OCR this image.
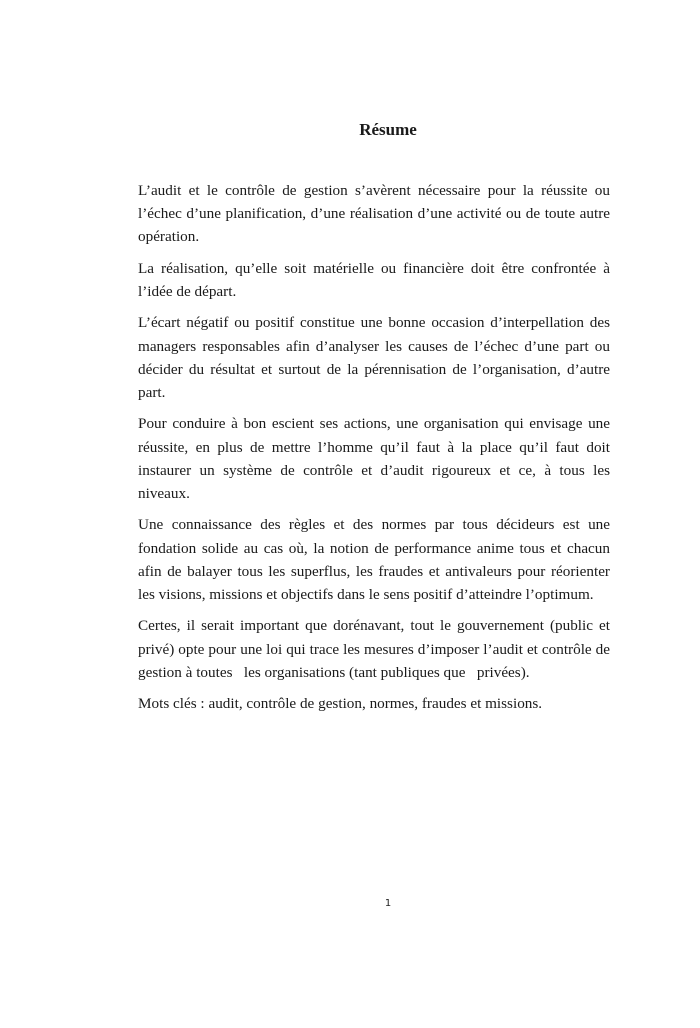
Résume

L’audit et le contrôle de gestion s’avèrent nécessaire pour la réussite ou l’échec d’une planification, d’une réalisation d’une activité ou de toute autre opération.

La réalisation, qu’elle soit matérielle ou financière doit être confrontée à l’idée de départ.

L’écart négatif ou positif constitue une bonne occasion d’interpellation des managers responsables afin d’analyser les causes de l’échec d’une part ou décider du résultat et surtout de la pérennisation de l’organisation, d’autre part.

Pour conduire à bon escient ses actions, une organisation qui envisage une réussite, en plus de mettre l’homme qu’il faut à la place qu’il faut doit instaurer un système de contrôle et d’audit rigoureux et ce, à tous les niveaux.

Une connaissance des règles et des normes par tous décideurs est une fondation solide au cas où, la notion de performance anime tous et chacun afin de balayer tous les superflus, les fraudes et antivaleurs pour réorienter les visions, missions et objectifs dans le sens positif d’atteindre l’optimum.

Certes, il serait important que dorénavant, tout le gouvernement (public et privé) opte pour une loi qui trace les mesures d’imposer l’audit et contrôle de gestion à toutes   les organisations (tant publiques que   privées).

Mots clés : audit, contrôle de gestion, normes, fraudes et missions.

1
